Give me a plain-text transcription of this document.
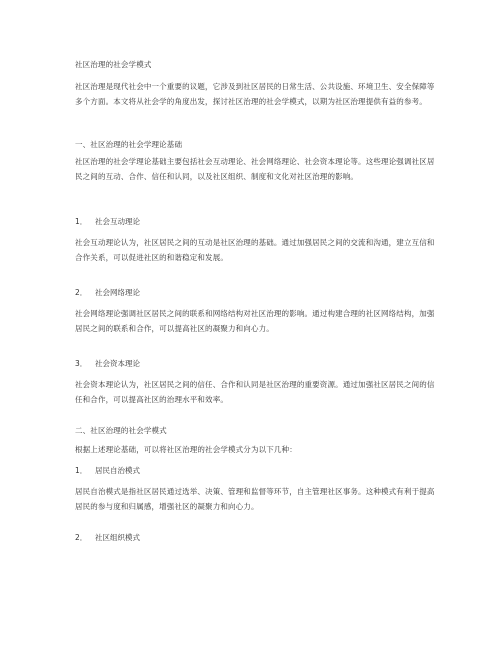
社区治理的社会学模式

社区治理是现代社会中一个重要的议题，它涉及到社区居民的日常生活、公共设施、环境卫生、安全保障等多个方面。本文将从社会学的角度出发，探讨社区治理的社会学模式，以期为社区治理提供有益的参考。

一、社区治理的社会学理论基础

社区治理的社会学理论基础主要包括社会互动理论、社会网络理论、社会资本理论等。这些理论强调社区居民之间的互动、合作、信任和认同，以及社区组织、制度和文化对社区治理的影响。

1． 社会互动理论

社会互动理论认为，社区居民之间的互动是社区治理的基础。通过加强居民之间的交流和沟通，建立互信和合作关系，可以促进社区的和谐稳定和发展。

2． 社会网络理论

社会网络理论强调社区居民之间的联系和网络结构对社区治理的影响。通过构建合理的社区网络结构，加强居民之间的联系和合作，可以提高社区的凝聚力和向心力。

3． 社会资本理论

社会资本理论认为，社区居民之间的信任、合作和认同是社区治理的重要资源。通过加强社区居民之间的信任和合作，可以提高社区的治理水平和效率。

二、社区治理的社会学模式

根据上述理论基础，可以将社区治理的社会学模式分为以下几种：

1． 居民自治模式

居民自治模式是指社区居民通过选举、决策、管理和监督等环节，自主管理社区事务。这种模式有利于提高居民的参与度和归属感，增强社区的凝聚力和向心力。

2． 社区组织模式
